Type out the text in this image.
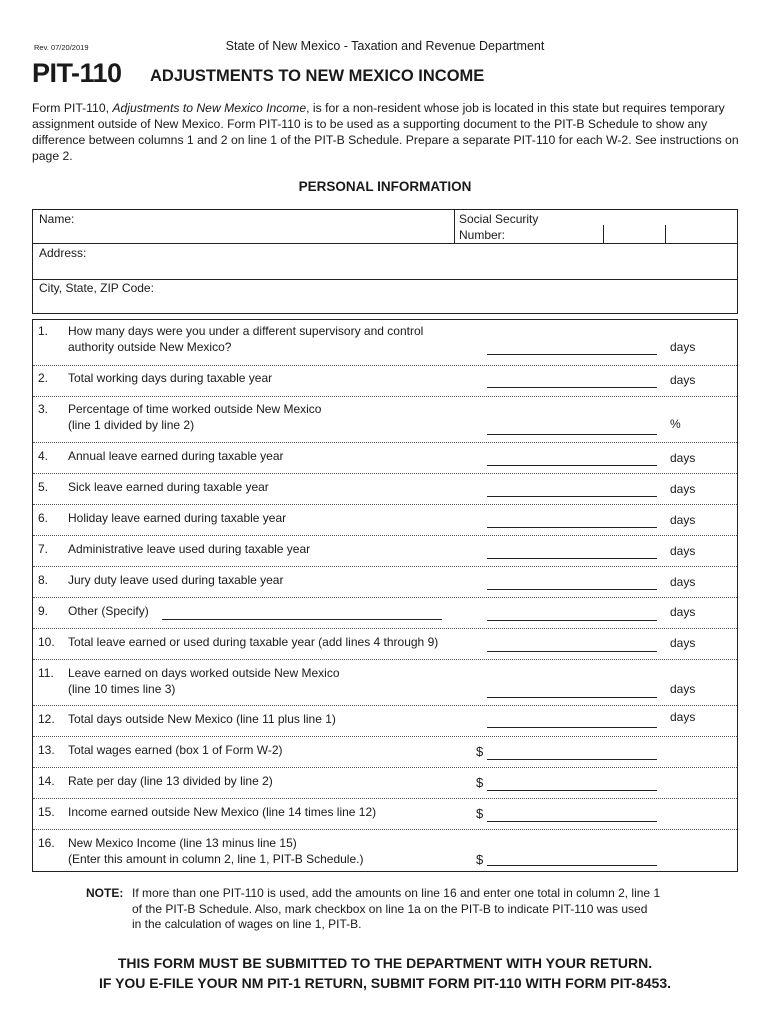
Rev. 07/20/2019	State of New Mexico - Taxation and Revenue Department
PIT-110 ADJUSTMENTS TO NEW MEXICO INCOME
Form PIT-110, Adjustments to New Mexico Income, is for a non-resident whose job is located in this state but requires temporary assignment outside of New Mexico. Form PIT-110 is to be used as a supporting document to the PIT-B Schedule to show any difference between columns 1 and 2 on line 1 of the PIT-B Schedule. Prepare a separate PIT-110 for each W-2. See instructions on page 2.
PERSONAL INFORMATION
Name:	Social Security
Number:
Address:
City, State, ZIP Code:
1. How many days were you under a different supervisory and control
authority outside New Mexico?	days
2. Total working days during taxable year	days
3. Percentage of time worked outside New Mexico
(line 1 divided by line 2)	%
4. Annual leave earned during taxable year	days
5. Sick leave earned during taxable year	days
6. Holiday leave earned during taxable year	days
7. Administrative leave used during taxable year	days
8. Jury duty leave used during taxable year	days
9. Other (Specify)	days
10. Total leave earned or used during taxable year (add lines 4 through 9)	days
11. Leave earned on days worked outside New Mexico
(line 10 times line 3)	days
12. Total days outside New Mexico (line 11 plus line 1)	days
13. Total wages earned (box 1 of Form W-2)	$
14. Rate per day (line 13 divided by line 2)	$
15. Income earned outside New Mexico (line 14 times line 12)	$
16. New Mexico Income (line 13 minus line 15)
(Enter this amount in column 2, line 1, PIT-B Schedule.)	$
NOTE: If more than one PIT-110 is used, add the amounts on line 16 and enter one total in column 2, line 1
of the PIT-B Schedule. Also, mark checkbox on line 1a on the PIT-B to indicate PIT-110 was used
in the calculation of wages on line 1, PIT-B.
THIS FORM MUST BE SUBMITTED TO THE DEPARTMENT WITH YOUR RETURN.
IF YOU E-FILE YOUR NM PIT-1 RETURN, SUBMIT FORM PIT-110 WITH FORM PIT-8453.
